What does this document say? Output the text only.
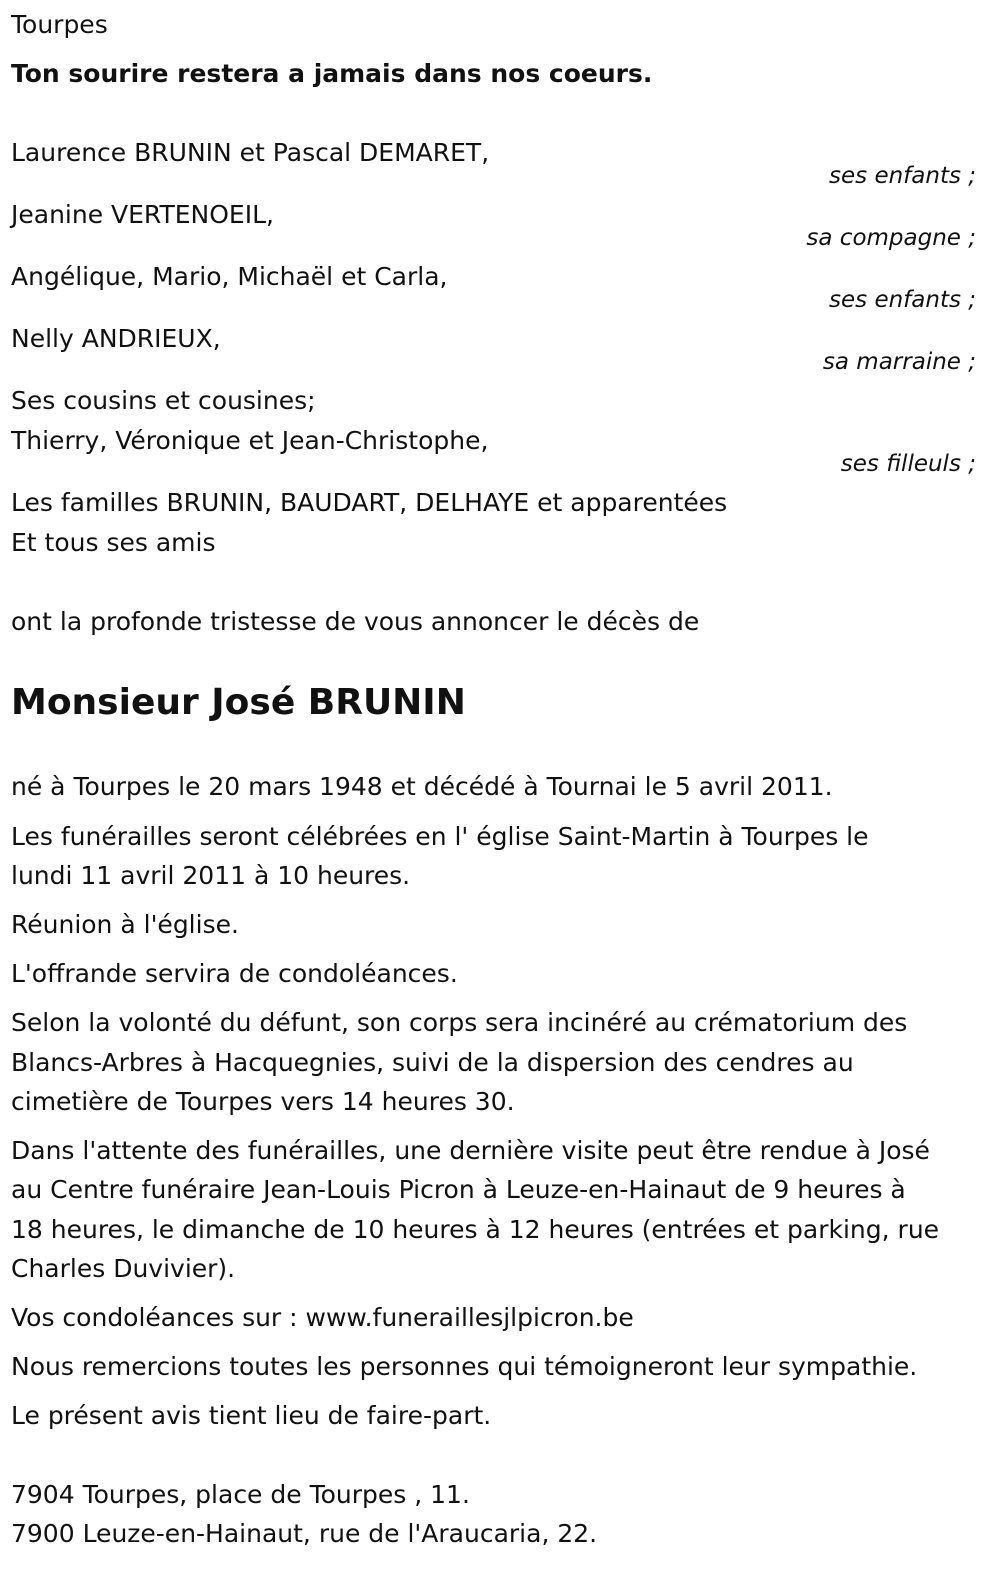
Tourpes
Ton sourire restera a jamais dans nos coeurs.
Laurence BRUNIN et Pascal DEMARET,
ses enfants ;
Jeanine VERTENOEIL,
sa compagne ;
Angélique, Mario, Michaël et Carla,
ses enfants ;
Nelly ANDRIEUX,
sa marraine ;
Ses cousins et cousines;
Thierry, Véronique et Jean-Christophe,
ses filleuls ;
Les familles BRUNIN, BAUDART, DELHAYE et apparentées
Et tous ses amis
ont la profonde tristesse de vous annoncer le décès de
Monsieur José BRUNIN
né à Tourpes le 20 mars 1948 et décédé à Tournai le 5 avril 2011.
Les funérailles seront célébrées en l' église Saint-Martin à Tourpes le
lundi 11 avril 2011 à 10 heures.
Réunion à l'église.
L'offrande servira de condoléances.
Selon la volonté du défunt, son corps sera incinéré au crématorium des
Blancs-Arbres à Hacquegnies, suivi de la dispersion des cendres au
cimetière de Tourpes vers 14 heures 30.
Dans l'attente des funérailles, une dernière visite peut être rendue à José
au Centre funéraire Jean-Louis Picron à Leuze-en-Hainaut de 9 heures à
18 heures, le dimanche de 10 heures à 12 heures (entrées et parking, rue
Charles Duvivier).
Vos condoléances sur : www.funeraillesjlpicron.be
Nous remercions toutes les personnes qui témoigneront leur sympathie.
Le présent avis tient lieu de faire-part.
7904 Tourpes, place de Tourpes , 11.
7900 Leuze-en-Hainaut, rue de l'Araucaria, 22.
